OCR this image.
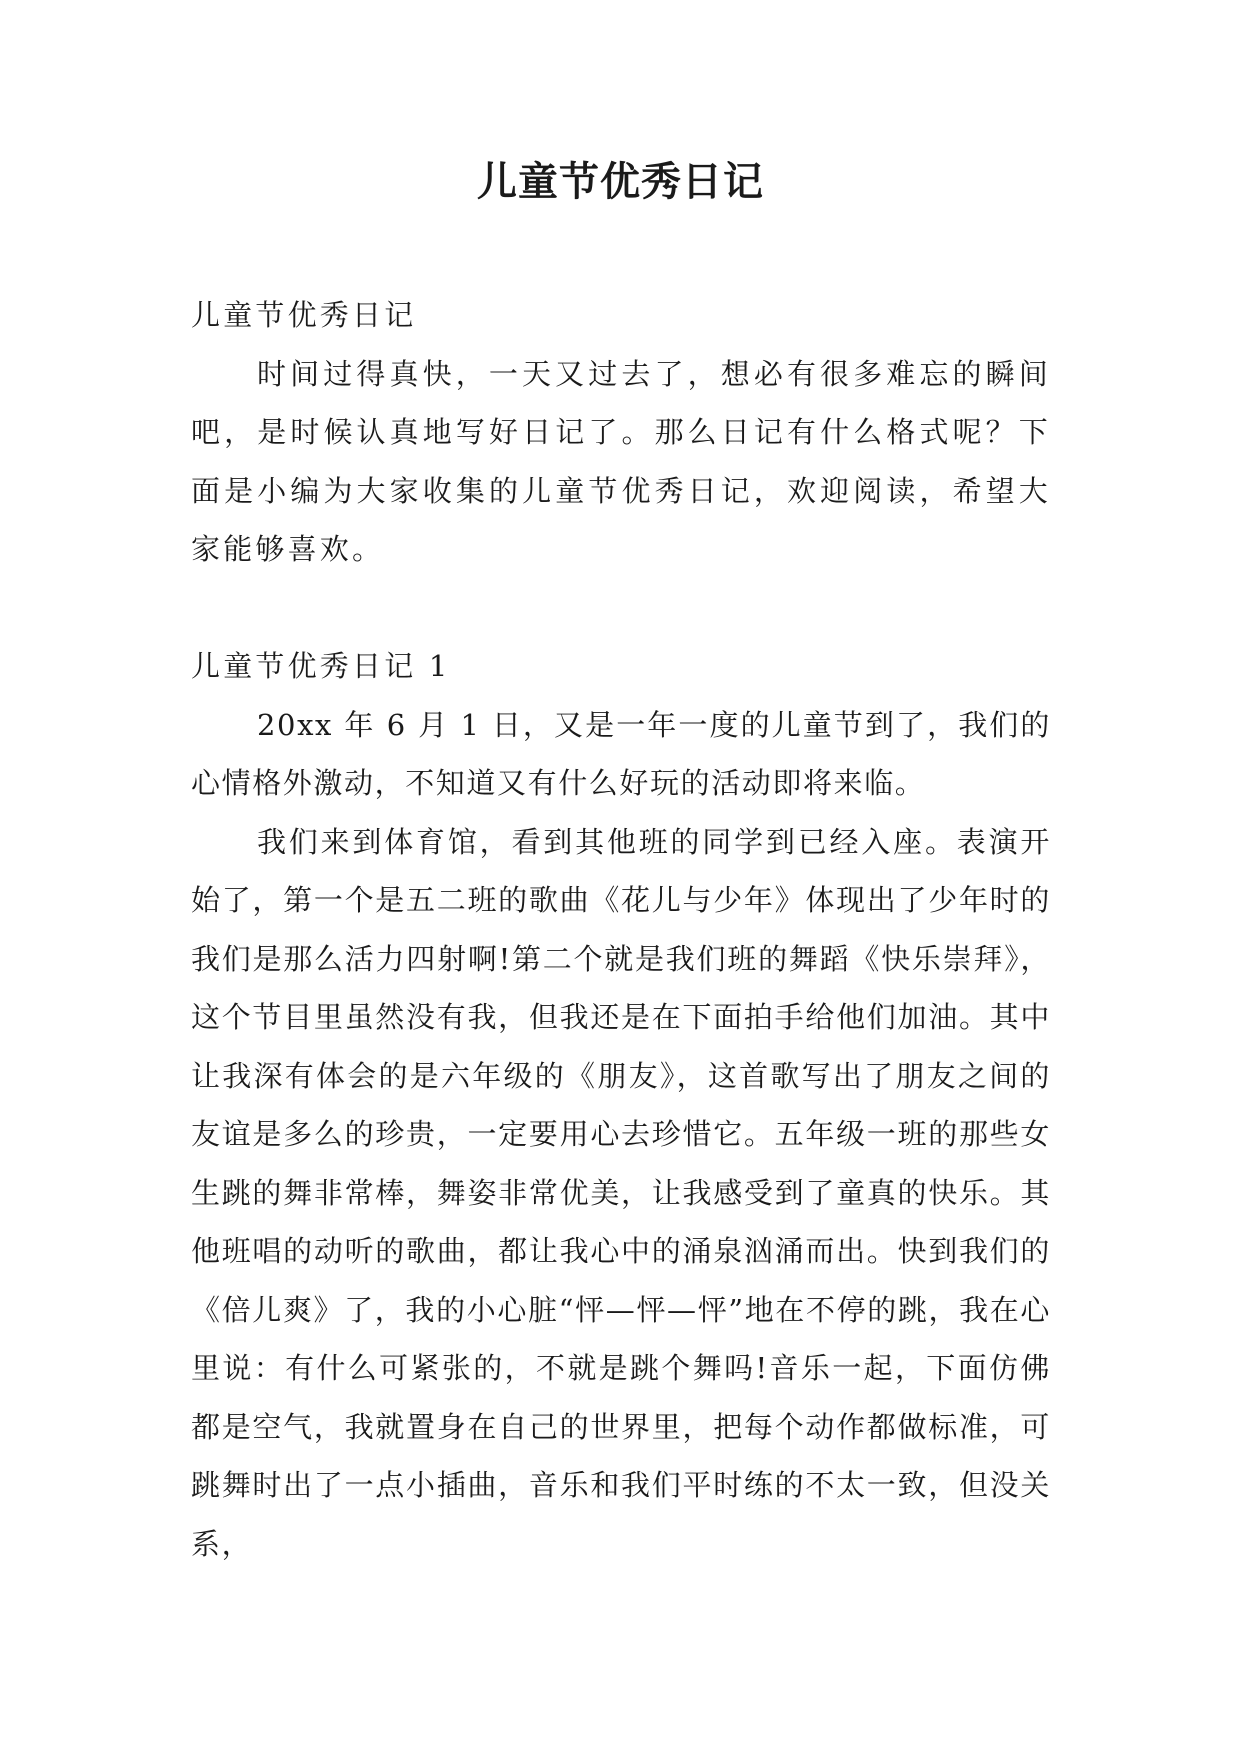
儿童节优秀日记

儿童节优秀日记

时间过得真快，一天又过去了，想必有很多难忘的瞬间吧，是时候认真地写好日记了。那么日记有什么格式呢？下面是小编为大家收集的儿童节优秀日记，欢迎阅读，希望大家能够喜欢。

儿童节优秀日记 1

20xx 年 6 月 1 日，又是一年一度的儿童节到了，我们的心情格外激动，不知道又有什么好玩的活动即将来临。

我们来到体育馆，看到其他班的同学到已经入座。表演开始了，第一个是五二班的歌曲《花儿与少年》体现出了少年时的我们是那么活力四射啊!第二个就是我们班的舞蹈《快乐崇拜》，这个节目里虽然没有我，但我还是在下面拍手给他们加油。其中让我深有体会的是六年级的《朋友》，这首歌写出了朋友之间的友谊是多么的珍贵，一定要用心去珍惜它。五年级一班的那些女生跳的舞非常棒，舞姿非常优美，让我感受到了童真的快乐。其他班唱的动听的歌曲，都让我心中的涌泉汹涌而出。快到我们的《倍儿爽》了，我的小心脏“怦—怦—怦”地在不停的跳，我在心里说：有什么可紧张的，不就是跳个舞吗!音乐一起，下面仿佛都是空气，我就置身在自己的世界里，把每个动作都做标准，可跳舞时出了一点小插曲，音乐和我们平时练的不太一致，但没关系，
